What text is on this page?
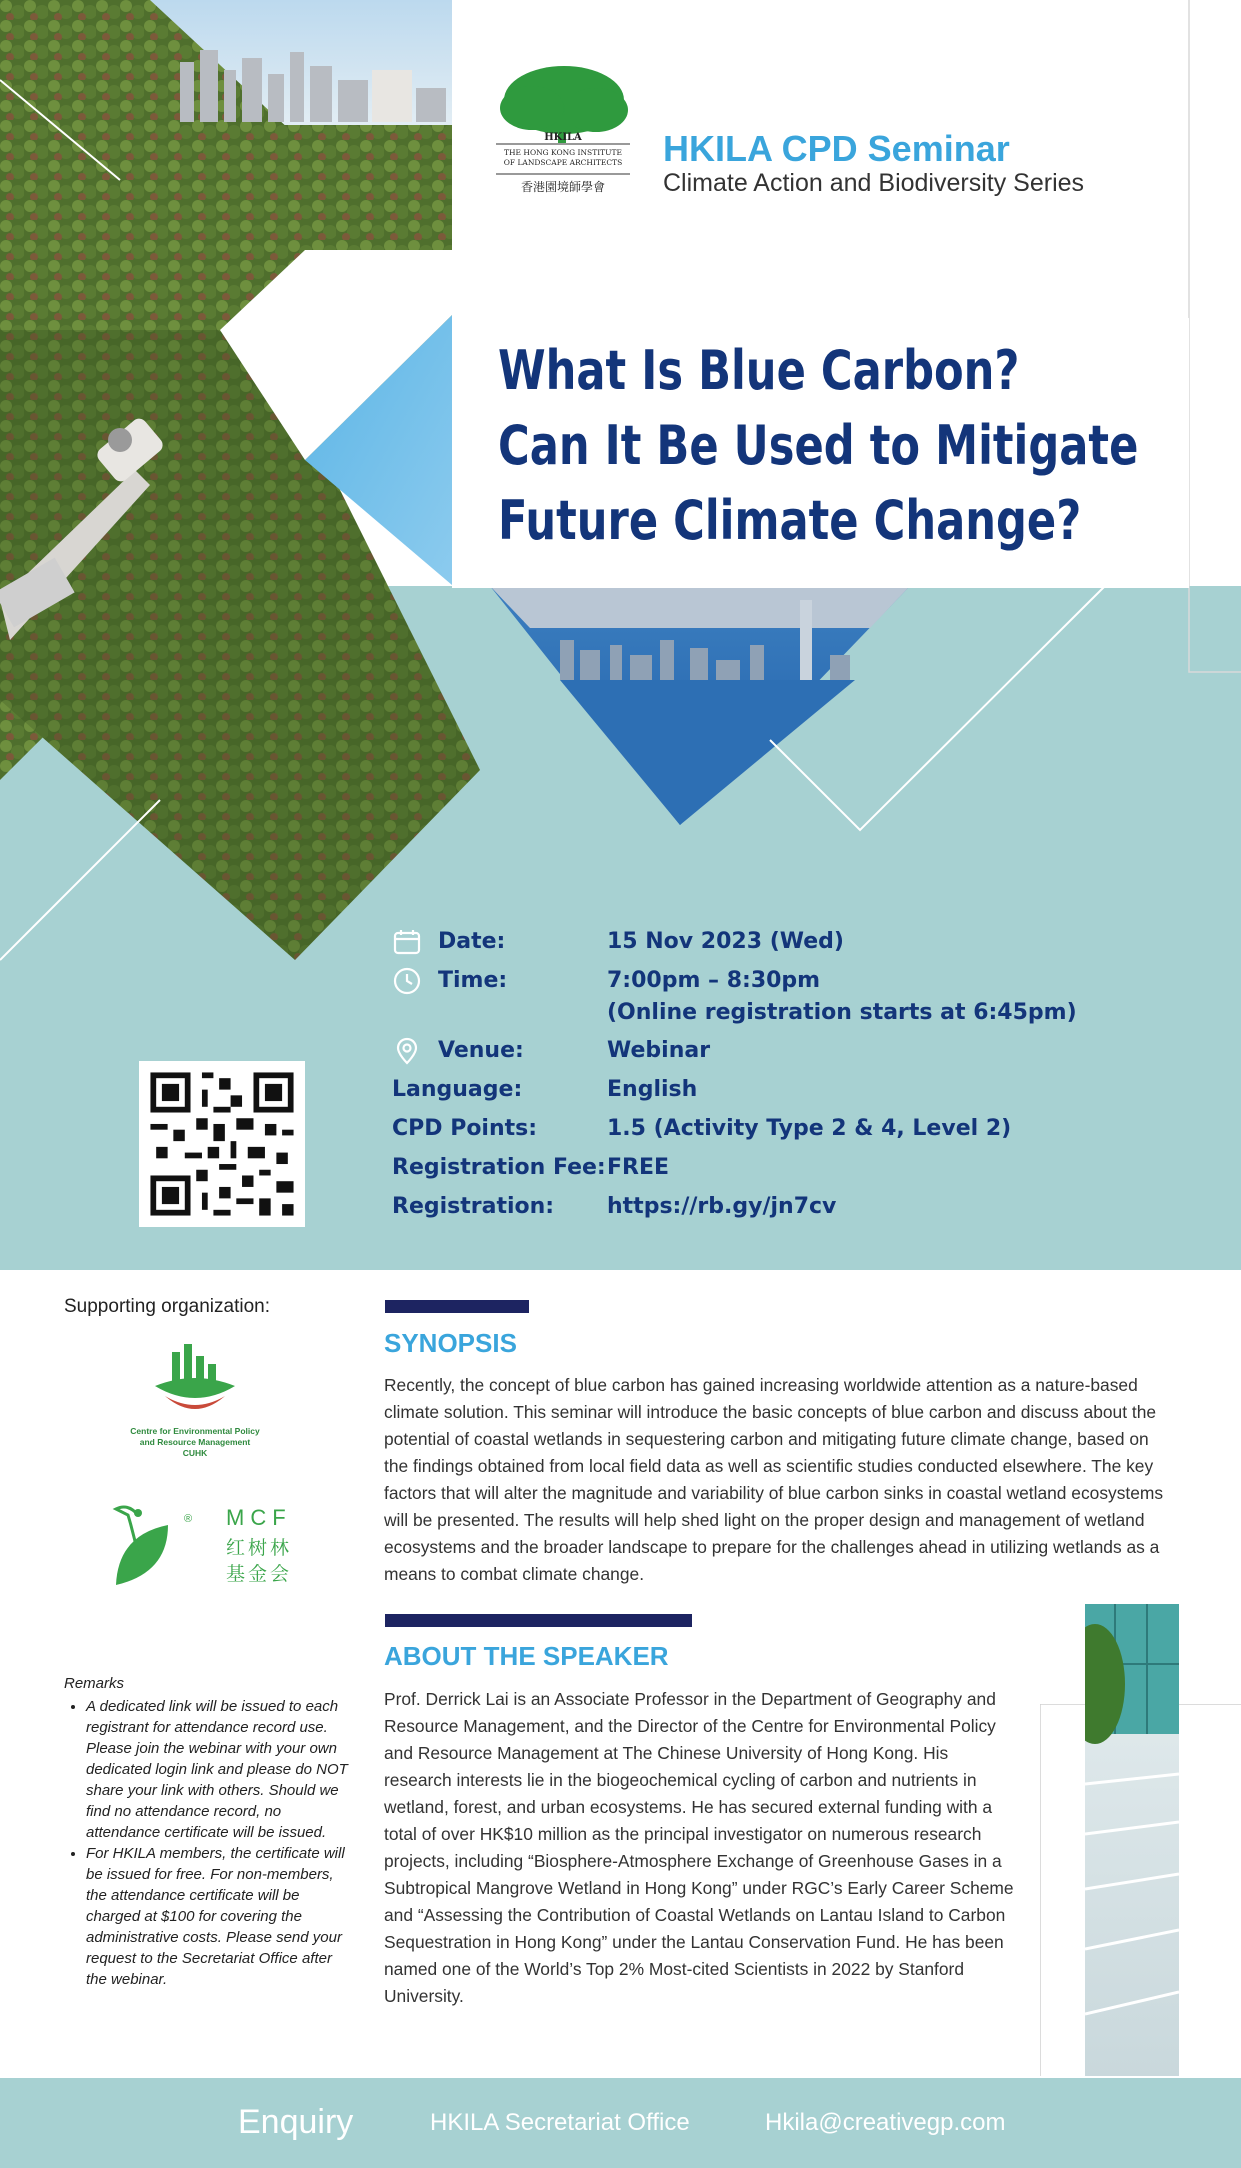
HKILA
THE HONG KONG INSTITUTE
OF LANDSCAPE ARCHITECTS
香港園境師學會
HKILA CPD Seminar
Climate Action and Biodiversity Series
What Is Blue Carbon?
Can It Be Used to Mitigate
Future Climate Change?
Date:	15 Nov 2023 (Wed)
Time:	7:00pm – 8:30pm
(Online registration starts at 6:45pm)
Venue:	Webinar
Language:	English
CPD Points:	1.5 (Activity Type 2 & 4, Level 2)
Registration Fee: FREE
Registration: https://rb.gy/jn7cv
Supporting organization:
Centre for Environmental Policy
and Resource Management
CUHK
® MCF
红树林
基金会
SYNOPSIS
Recently, the concept of blue carbon has gained increasing worldwide attention as a nature-based climate solution. This seminar will introduce the basic concepts of blue carbon and discuss about the potential of coastal wetlands in sequestering carbon and mitigating future climate change, based on the findings obtained from local field data as well as scientific studies conducted elsewhere. The key factors that will alter the magnitude and variability of blue carbon sinks in coastal wetland ecosystems will be presented. The results will help shed light on the proper design and management of wetland ecosystems and the broader landscape to prepare for the challenges ahead in utilizing wetlands as a means to combat climate change.
ABOUT THE SPEAKER
Prof. Derrick Lai is an Associate Professor in the Department of Geography and Resource Management, and the Director of the Centre for Environmental Policy and Resource Management at The Chinese University of Hong Kong. His research interests lie in the biogeochemical cycling of carbon and nutrients in wetland, forest, and urban ecosystems. He has secured external funding with a total of over HK$10 million as the principal investigator on numerous research projects, including “Biosphere-Atmosphere Exchange of Greenhouse Gases in a Subtropical Mangrove Wetland in Hong Kong” under RGC’s Early Career Scheme and “Assessing the Contribution of Coastal Wetlands on Lantau Island to Carbon Sequestration in Hong Kong” under the Lantau Conservation Fund. He has been named one of the World’s Top 2% Most-cited Scientists in 2022 by Stanford University.
Remarks
• A dedicated link will be issued to each registrant for attendance record use. Please join the webinar with your own dedicated login link and please do NOT share your link with others. Should we find no attendance record, no attendance certificate will be issued.
• For HKILA members, the certificate will be issued for free. For non-members, the attendance certificate will be charged at $100 for covering the administrative costs. Please send your request to the Secretariat Office after the webinar.
Enquiry	HKILA Secretariat Office	Hkila@creativegp.com
